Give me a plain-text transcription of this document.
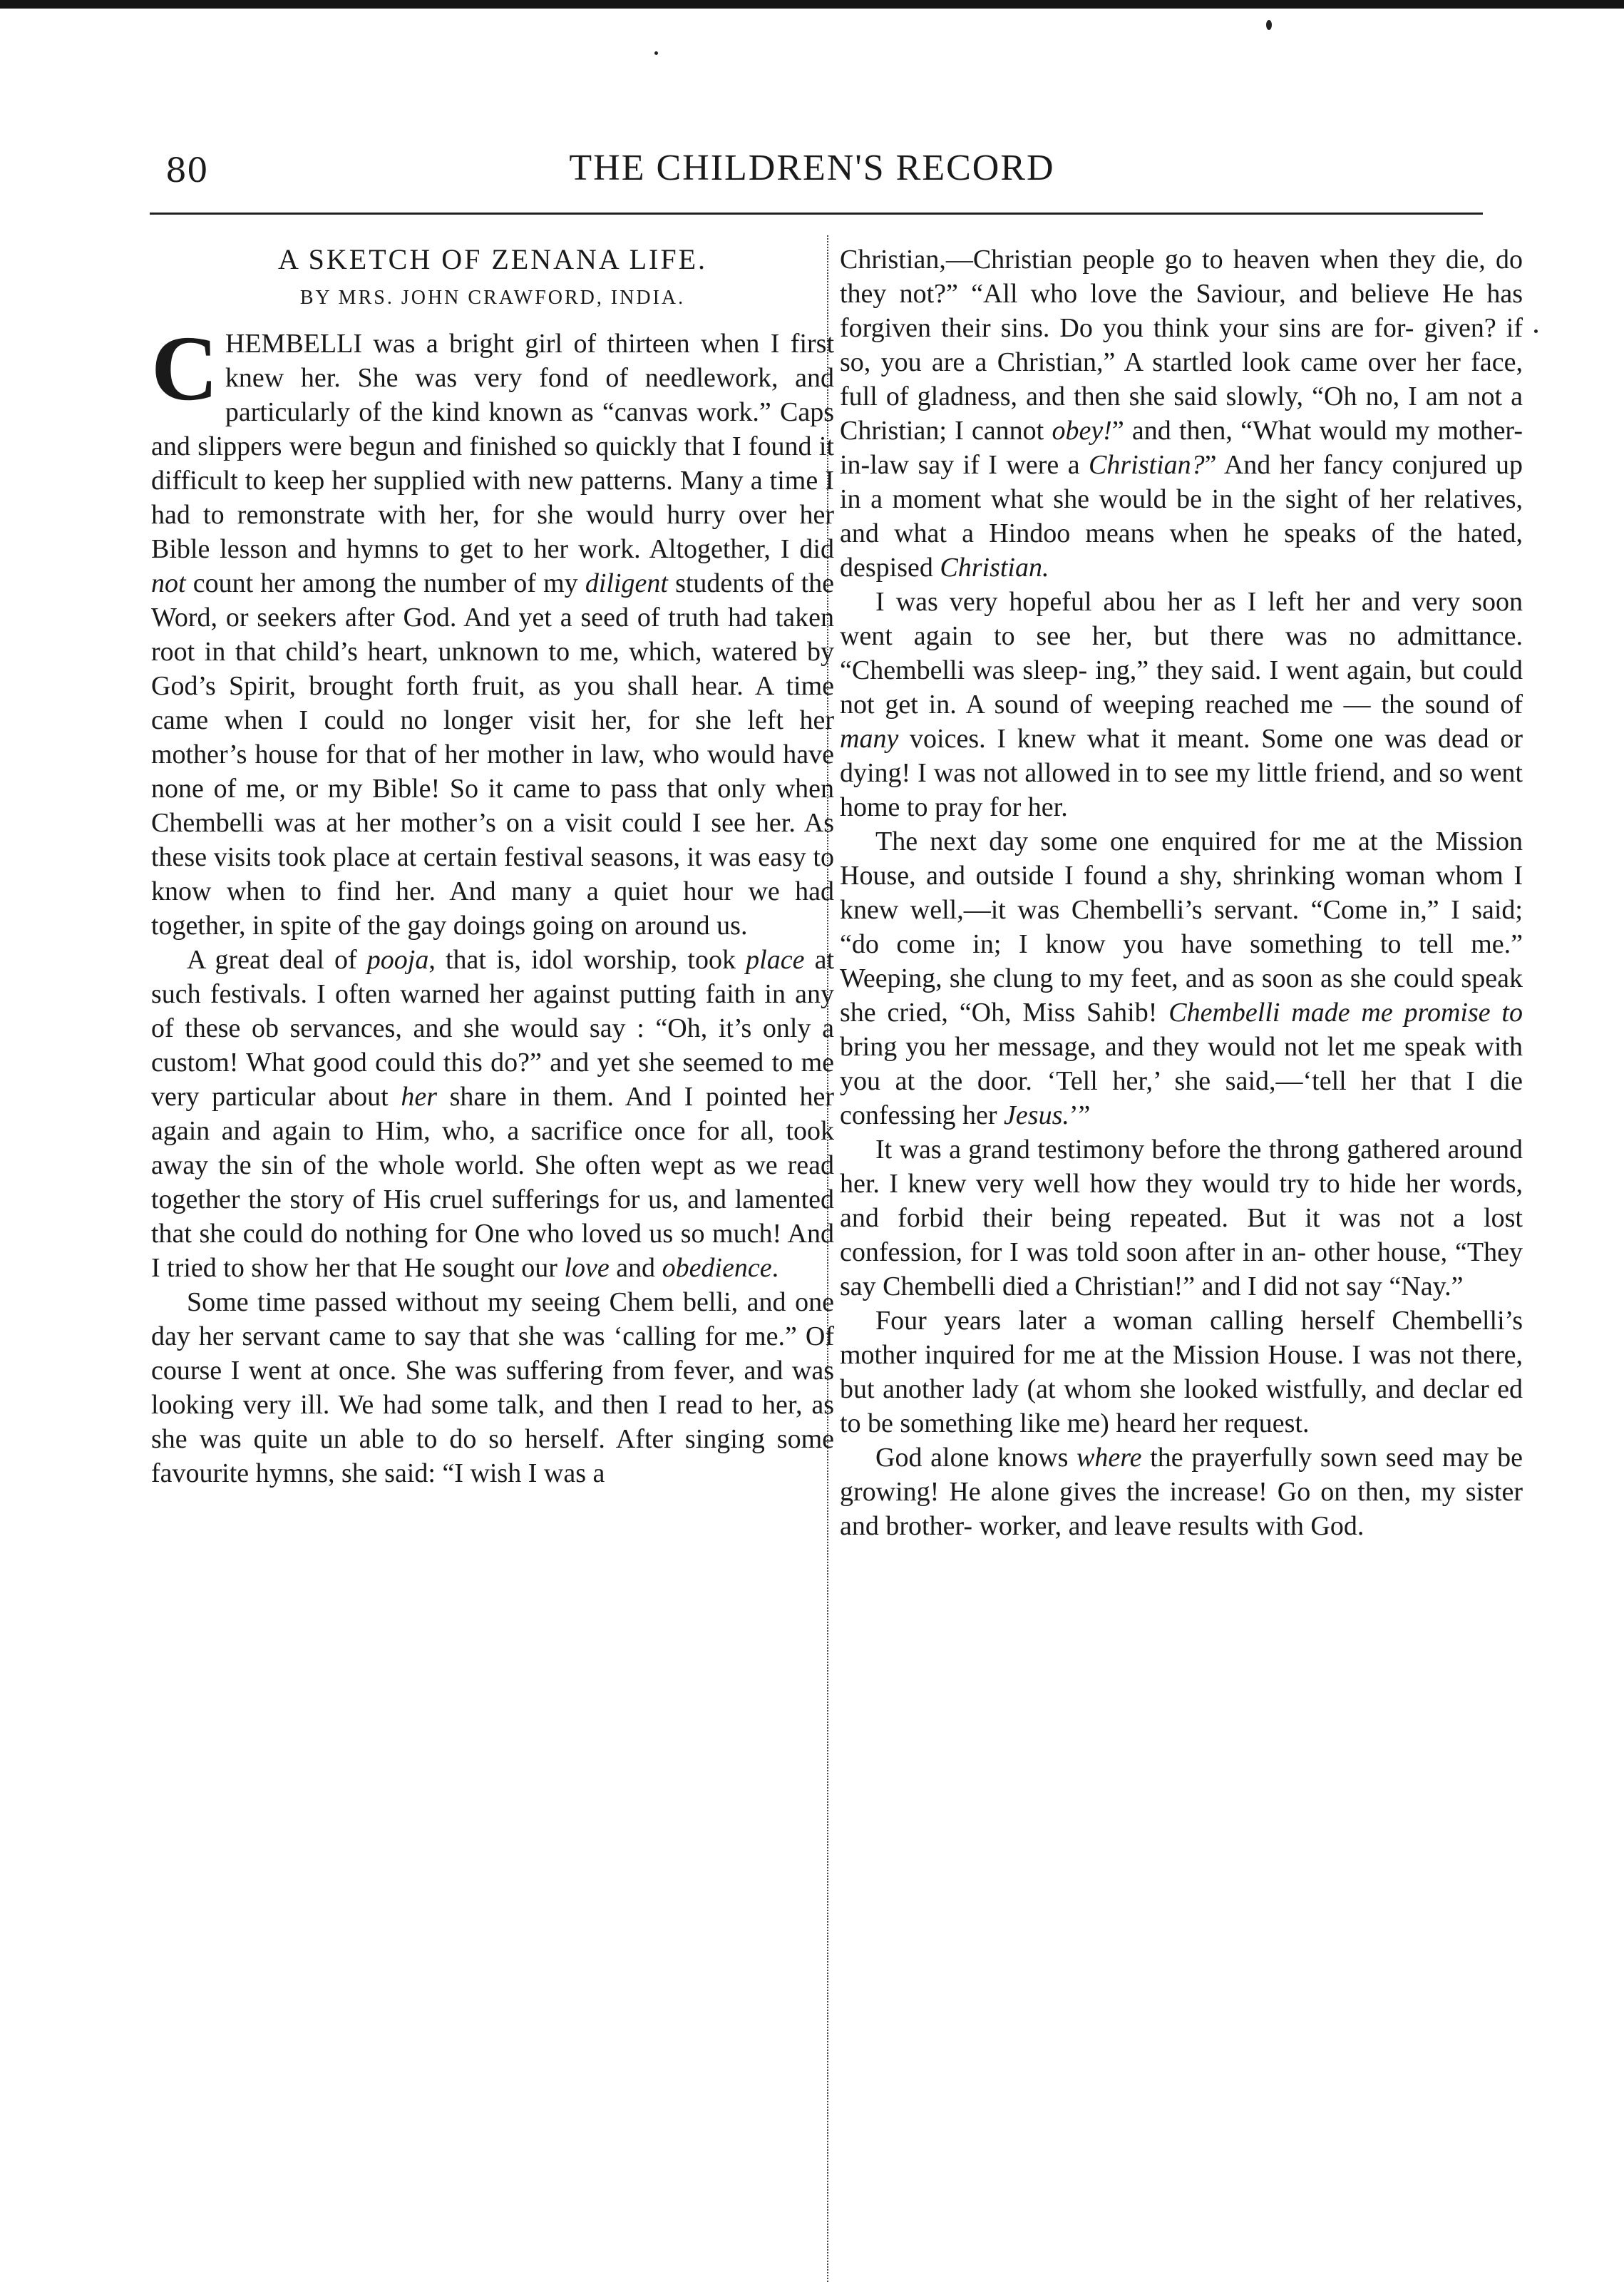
80	THE CHILDREN'S RECORD
A SKETCH OF ZENANA LIFE.
BY MRS. JOHN CRAWFORD, INDIA.

CHEMBELLI was a bright girl of thirteen when I first knew her. She was very fond of needlework, and particularly of the kind known as “canvas work.” Caps and slippers were begun and finished so quickly that I found it difficult to keep her supplied with new patterns. Many a time I had to remonstrate with her, for she would hurry over her Bible lesson and hymns to get to her work. Altogether, I did not count her among the number of my diligent students of the Word, or seekers after God. And yet a seed of truth had taken root in that child’s heart, unknown to me, which, watered by God’s Spirit, brought forth fruit, as you shall hear. A time came when I could no longer visit her, for she left her mother’s house for that of her mother in law, who would have none of me, or my Bible! So it came to pass that only when Chembelli was at her mother’s on a visit could I see her. As these visits took place at certain festival seasons, it was easy to know when to find her. And many a quiet hour we had together, in spite of the gay doings going on around us.

A great deal of pooja, that is, idol worship, took place at such festivals. I often warned her against putting faith in any of these ob servances, and she would say : “Oh, it’s only a custom! What good could this do?” and yet she seemed to me very particular about her share in them. And I pointed her again and again to Him, who, a sacrifice once for all, took away the sin of the whole world. She often wept as we read together the story of His cruel sufferings for us, and lamented that she could do nothing for One who loved us so much! And I tried to show her that He sought our love and obedience.

Some time passed without my seeing Chem belli, and one day her servant came to say that she was ‘calling for me.” Of course I went at once. She was suffering from fever, and was looking very ill. We had some talk, and then I read to her, as she was quite un able to do so herself. After singing some favourite hymns, she said: “I wish I was a

Christian,—Christian people go to heaven when they die, do they not?” “All who love the Saviour, and believe He has forgiven their sins. Do you think your sins are for- given? if so, you are a Christian,” A startled look came over her face, full of gladness, and then she said slowly, “Oh no, I am not a Christian; I cannot obey!” and then, “What would my mother-in-law say if I were a Christian?” And her fancy conjured up in a moment what she would be in the sight of her relatives, and what a Hindoo means when he speaks of the hated, despised Christian.

I was very hopeful abou her as I left her and very soon went again to see her, but there was no admittance. “Chembelli was sleep- ing,” they said. I went again, but could not get in. A sound of weeping reached me — the sound of many voices. I knew what it meant. Some one was dead or dying! I was not allowed in to see my little friend, and so went home to pray for her.

The next day some one enquired for me at the Mission House, and outside I found a shy, shrinking woman whom I knew well,—it was Chembelli’s servant. “Come in,” I said; “do come in; I know you have something to tell me.” Weeping, she clung to my feet, and as soon as she could speak she cried, “Oh, Miss Sahib! Chembelli made me promise to bring you her message, and they would not let me speak with you at the door. ‘Tell her,’ she said,—‘tell her that I die confessing her Jesus.’”

It was a grand testimony before the throng gathered around her. I knew very well how they would try to hide her words, and forbid their being repeated. But it was not a lost confession, for I was told soon after in an- other house, “They say Chembelli died a Christian!” and I did not say “Nay.”

Four years later a woman calling herself Chembelli’s mother inquired for me at the Mission House. I was not there, but another lady (at whom she looked wistfully, and declar ed to be something like me) heard her request.

God alone knows where the prayerfully sown seed may be growing! He alone gives the increase! Go on then, my sister and brother- worker, and leave results with God.
